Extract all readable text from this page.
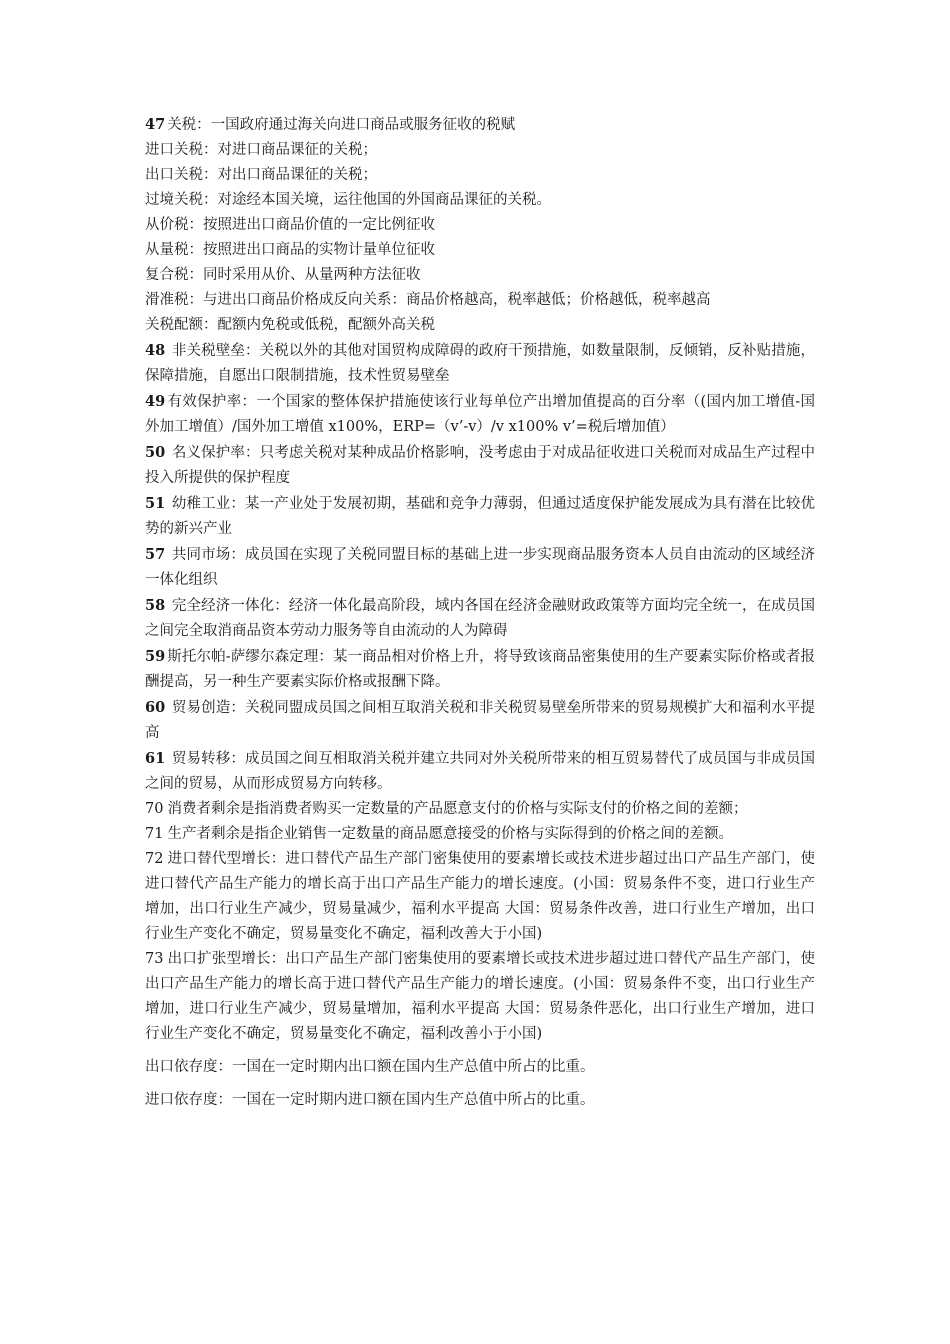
47 关税：一国政府通过海关向进口商品或服务征收的税赋

进口关税：对进口商品课征的关税；

出口关税：对出口商品课征的关税；

过境关税：对途经本国关境，运往他国的外国商品课征的关税。

从价税：按照进出口商品价值的一定比例征收

从量税：按照进出口商品的实物计量单位征收

复合税：同时采用从价、从量两种方法征收

滑准税：与进出口商品价格成反向关系：商品价格越高，税率越低；价格越低，税率越高

关税配额：配额内免税或低税，配额外高关税

48 非关税壁垒：关税以外的其他对国贸构成障碍的政府干预措施，如数量限制，反倾销，反补贴措施，保障措施，自愿出口限制措施，技术性贸易壁垒

49 有效保护率：一个国家的整体保护措施使该行业每单位产出增加值提高的百分率（(国内加工增值-国外加工增值）/国外加工增值 x100%，ERP=（v’-v）/v x100% v’=税后增加值）

50 名义保护率：只考虑关税对某种成品价格影响，没考虑由于对成品征收进口关税而对成品生产过程中投入所提供的保护程度

51 幼稚工业：某一产业处于发展初期，基础和竞争力薄弱，但通过适度保护能发展成为具有潜在比较优势的新兴产业

57 共同市场：成员国在实现了关税同盟目标的基础上进一步实现商品服务资本人员自由流动的区域经济一体化组织

58 完全经济一体化：经济一体化最高阶段，域内各国在经济金融财政政策等方面均完全统一，在成员国之间完全取消商品资本劳动力服务等自由流动的人为障碍

59 斯托尔帕-萨缪尔森定理：某一商品相对价格上升，将导致该商品密集使用的生产要素实际价格或者报酬提高，另一种生产要素实际价格或报酬下降。

60 贸易创造：关税同盟成员国之间相互取消关税和非关税贸易壁垒所带来的贸易规模扩大和福利水平提高

61 贸易转移：成员国之间互相取消关税并建立共同对外关税所带来的相互贸易替代了成员国与非成员国之间的贸易，从而形成贸易方向转移。

70 消费者剩余是指消费者购买一定数量的产品愿意支付的价格与实际支付的价格之间的差额；

71 生产者剩余是指企业销售一定数量的商品愿意接受的价格与实际得到的价格之间的差额。

72 进口替代型增长：进口替代产品生产部门密集使用的要素增长或技术进步超过出口产品生产部门，使进口替代产品生产能力的增长高于出口产品生产能力的增长速度。(小国：贸易条件不变，进口行业生产增加，出口行业生产减少，贸易量减少，福利水平提高 大国：贸易条件改善，进口行业生产增加，出口行业生产变化不确定，贸易量变化不确定，福利改善大于小国)

73 出口扩张型增长：出口产品生产部门密集使用的要素增长或技术进步超过进口替代产品生产部门，使出口产品生产能力的增长高于进口替代产品生产能力的增长速度。(小国：贸易条件不变，出口行业生产增加，进口行业生产减少，贸易量增加，福利水平提高 大国：贸易条件恶化，出口行业生产增加，进口行业生产变化不确定，贸易量变化不确定，福利改善小于小国)

出口依存度：一国在一定时期内出口额在国内生产总值中所占的比重。

进口依存度：一国在一定时期内进口额在国内生产总值中所占的比重。
